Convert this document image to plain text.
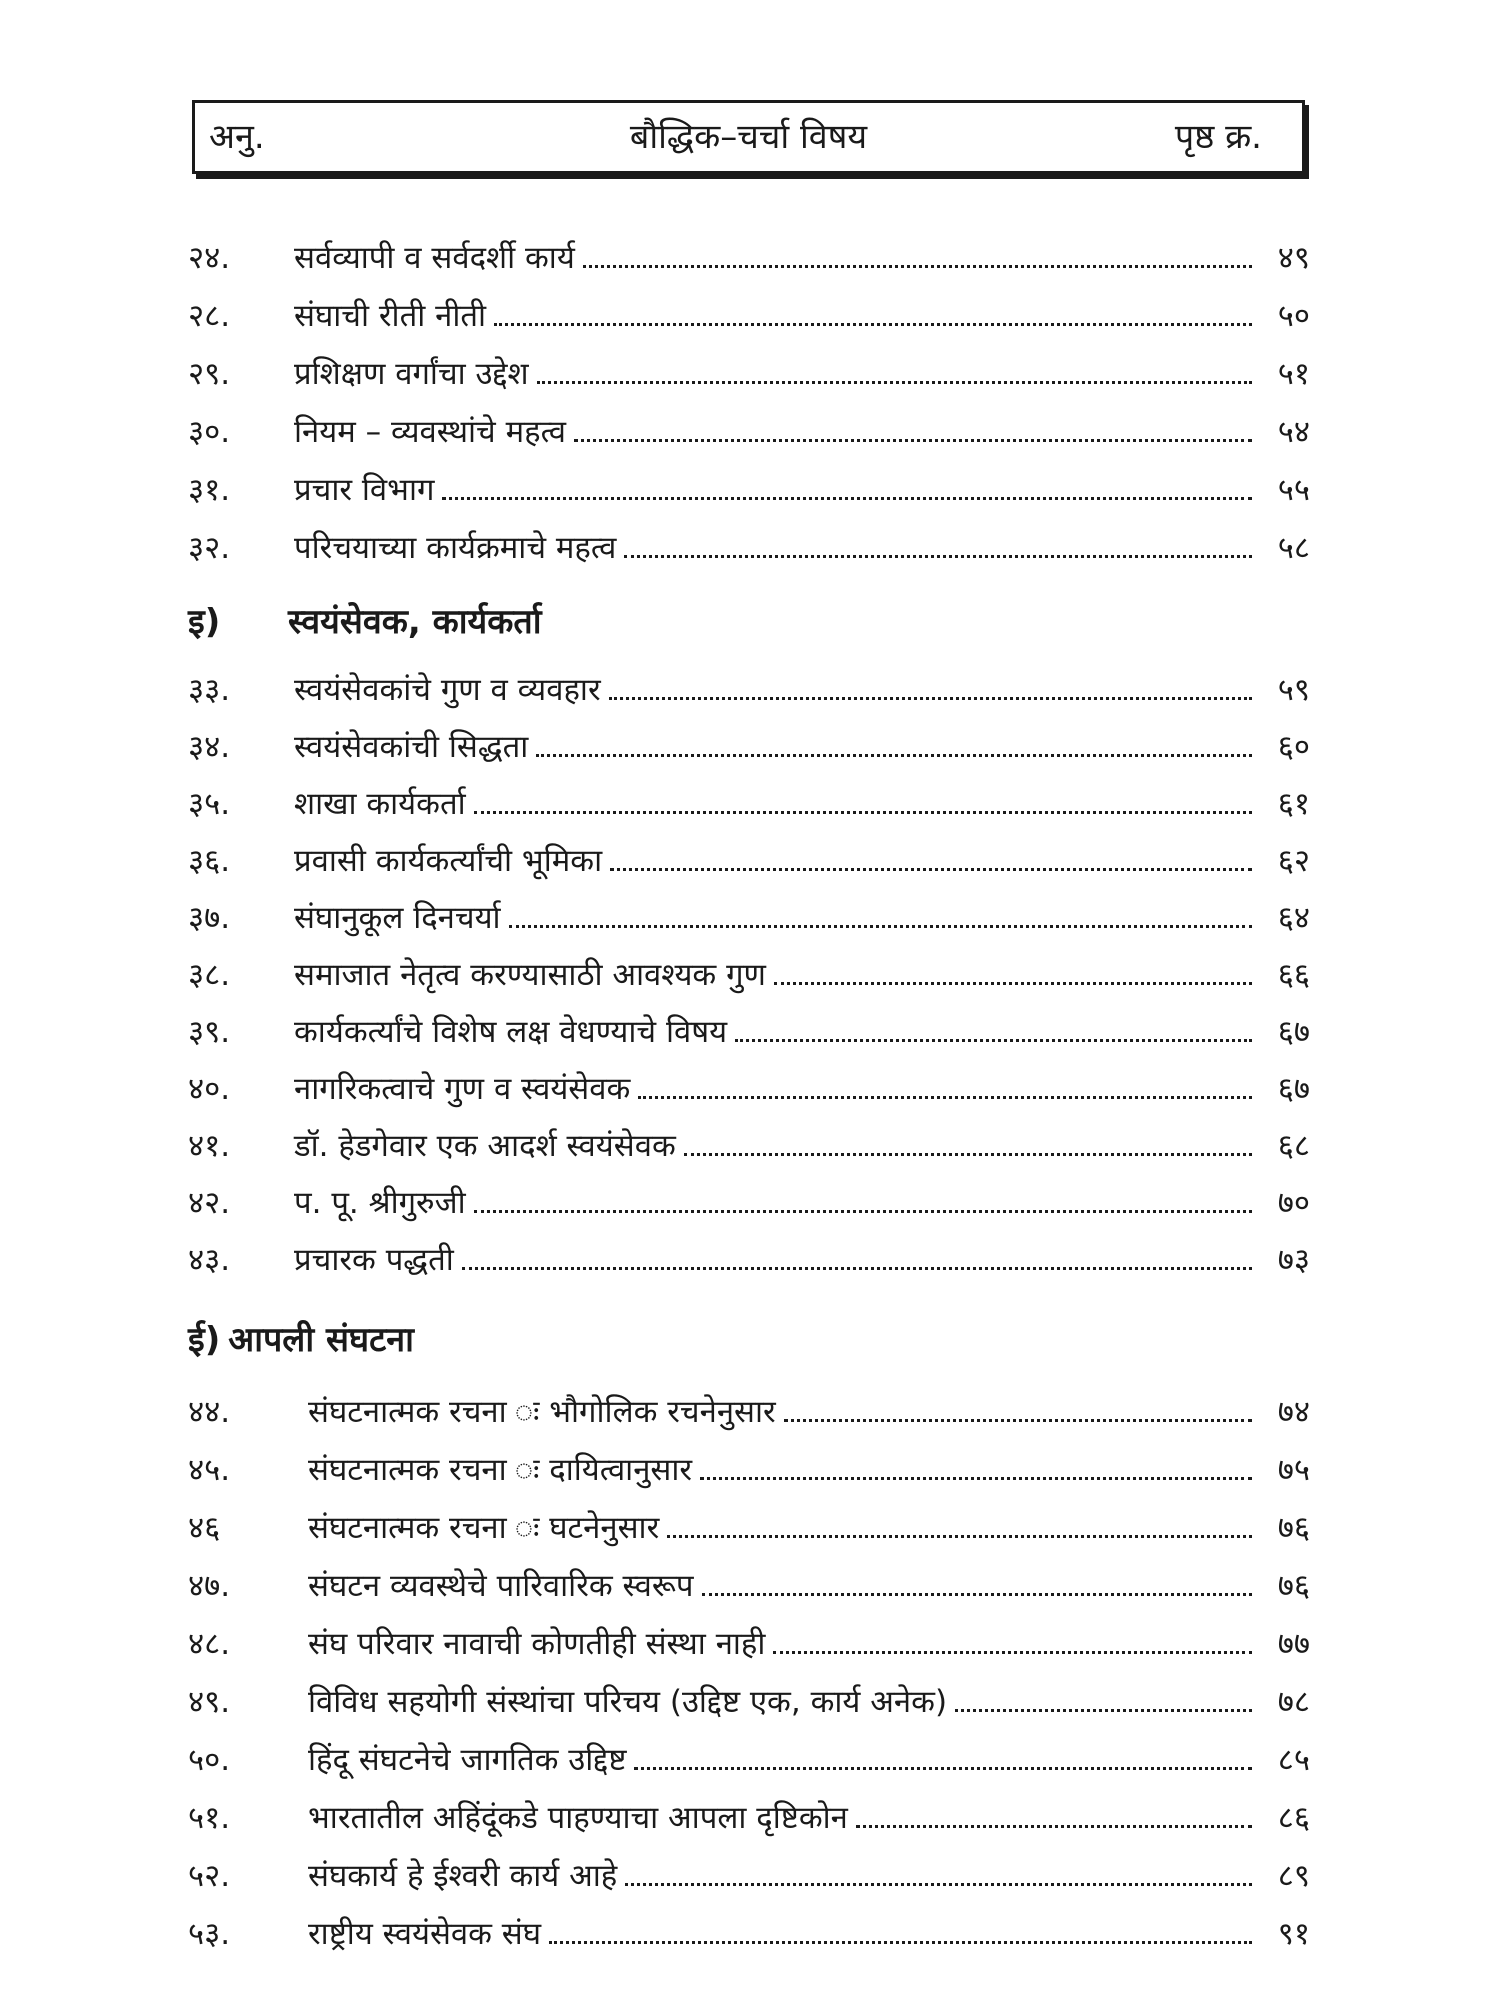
अनु.	बौद्धिक–चर्चा विषय	पृष्ठ क्र.
२४.	सर्वव्यापी व सर्वदर्शी कार्य	४९
२८.	संघाची रीती नीती	५०
२९.	प्रशिक्षण वर्गांचा उद्देश	५१
३०.	नियम – व्यवस्थांचे महत्व	५४
३१.	प्रचार विभाग	५५
३२.	परिचयाच्या कार्यक्रमाचे महत्व	५८
इ) स्वयंसेवक, कार्यकर्ता
३३.	स्वयंसेवकांचे गुण व व्यवहार	५९
३४.	स्वयंसेवकांची सिद्धता	६०
३५.	शाखा कार्यकर्ता	६१
३६.	प्रवासी कार्यकर्त्यांची भूमिका	६२
३७.	संघानुकूल दिनचर्या	६४
३८.	समाजात नेतृत्व करण्यासाठी आवश्यक गुण	६६
३९.	कार्यकर्त्यांचे विशेष लक्ष वेधण्याचे विषय	६७
४०.	नागरिकत्वाचे गुण व स्वयंसेवक	६७
४१.	डॉ. हेडगेवार एक आदर्श स्वयंसेवक	६८
४२.	प. पू. श्रीगुरुजी	७०
४३.	प्रचारक पद्धती	७३
ई) आपली संघटना
४४.	संघटनात्मक रचना ः भौगोलिक रचनेनुसार	७४
४५.	संघटनात्मक रचना ः दायित्वानुसार	७५
४६	संघटनात्मक रचना ः घटनेनुसार	७६
४७.	संघटन व्यवस्थेचे पारिवारिक स्वरूप	७६
४८.	संघ परिवार नावाची कोणतीही संस्था नाही	७७
४९.	विविध सहयोगी संस्थांचा परिचय (उद्दिष्ट एक, कार्य अनेक)	७८
५०.	हिंदू संघटनेचे जागतिक उद्दिष्ट	८५
५१.	भारतातील अहिंदूंकडे पाहण्याचा आपला दृष्टिकोन	८६
५२.	संघकार्य हे ईश्वरी कार्य आहे	८९
५३.	राष्ट्रीय स्वयंसेवक संघ	९१
